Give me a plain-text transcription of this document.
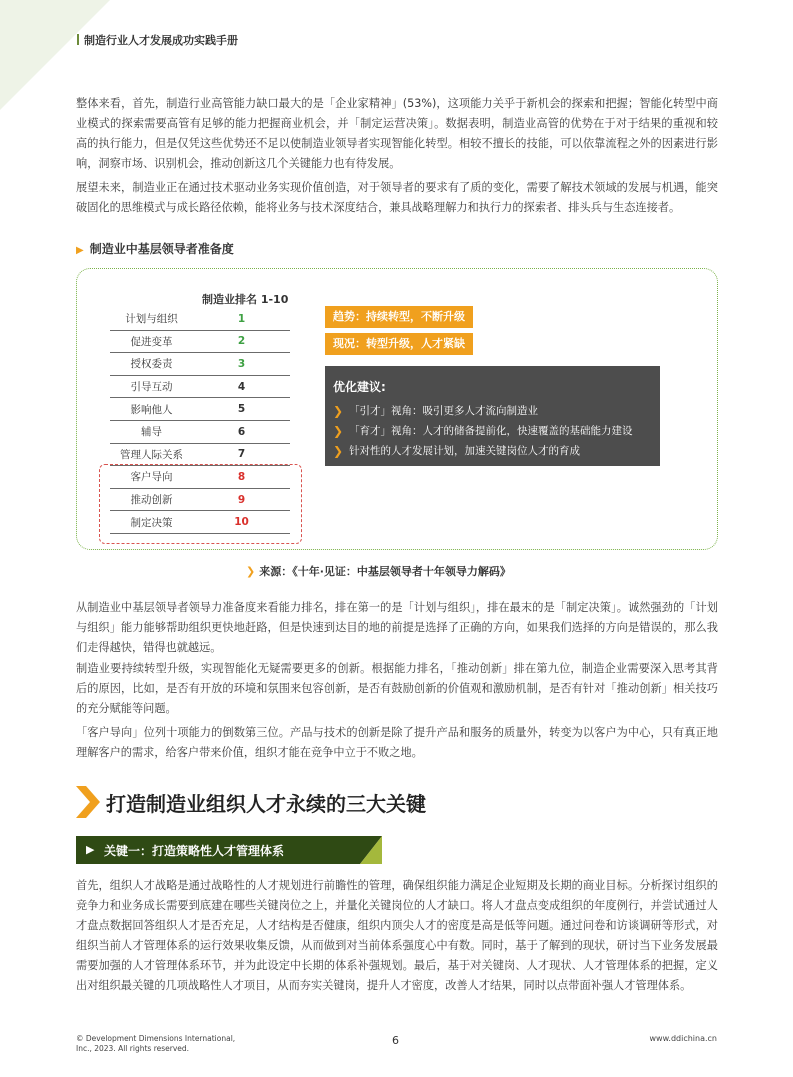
制造行业人才发展成功实践手册

整体来看，首先，制造行业高管能力缺口最大的是「企业家精神」(53%)，这项能力关乎于新机会的探索和把握；智能化转型中商业模式的探索需要高管有足够的能力把握商业机会，并「制定运营决策」。数据表明，制造业高管的优势在于对于结果的重视和较高的执行能力，但是仅凭这些优势还不足以使制造业领导者实现智能化转型。相较不擅长的技能，可以依靠流程之外的因素进行影响，洞察市场、识别机会，推动创新这几个关键能力也有待发展。

展望未来，制造业正在通过技术驱动业务实现价值创造，对于领导者的要求有了质的变化，需要了解技术领域的发展与机遇，能突破固化的思维模式与成长路径依赖，能将业务与技术深度结合，兼具战略理解力和执行力的探索者、排头兵与生态连接者。

▶ 制造业中基层领导者准备度
制造业排名 1-10
计划与组织	1
促进变革	2
授权委责	3
引导互动	4
影响他人	5
辅导	6
管理人际关系	7
客户导向	8
推动创新	9
制定决策	10
趋势：持续转型，不断升级
现况：转型升级，人才紧缺
优化建议:
❯ 「引才」视角：吸引更多人才流向制造业
❯ 「育才」视角：人才的储备提前化，快速覆盖的基础能力建设
❯ 针对性的人才发展计划，加速关键岗位人才的育成
❯ 来源：《十年·见证：中基层领导者十年领导力解码》

从制造业中基层领导者领导力准备度来看能力排名，排在第一的是「计划与组织」，排在最末的是「制定决策」。诚然强劲的「计划与组织」能力能够帮助组织更快地赶路，但是快速到达目的地的前提是选择了正确的方向，如果我们选择的方向是错误的，那么我们走得越快，错得也就越远。

制造业要持续转型升级，实现智能化无疑需要更多的创新。根据能力排名，「推动创新」排在第九位，制造企业需要深入思考其背后的原因，比如，是否有开放的环境和氛围来包容创新，是否有鼓励创新的价值观和激励机制，是否有针对「推动创新」相关技巧的充分赋能等问题。

「客户导向」位列十项能力的倒数第三位。产品与技术的创新是除了提升产品和服务的质量外，转变为以客户为中心，只有真正地理解客户的需求，给客户带来价值，组织才能在竞争中立于不败之地。

打造制造业组织人才永续的三大关键
▶ 关键一：打造策略性人才管理体系

首先，组织人才战略是通过战略性的人才规划进行前瞻性的管理，确保组织能力满足企业短期及长期的商业目标。分析探讨组织的竞争力和业务成长需要到底建在哪些关键岗位之上，并量化关键岗位的人才缺口。将人才盘点变成组织的年度例行，并尝试通过人才盘点数据回答组织人才是否充足，人才结构是否健康，组织内顶尖人才的密度是高是低等问题。通过问卷和访谈调研等形式，对组织当前人才管理体系的运行效果收集反馈，从而做到对当前体系强度心中有数。同时，基于了解到的现状，研讨当下业务发展最需要加强的人才管理体系环节，并为此设定中长期的体系补强规划。最后，基于对关键岗、人才现状、人才管理体系的把握，定义出对组织最关键的几项战略性人才项目，从而夯实关键岗，提升人才密度，改善人才结果，同时以点带面补强人才管理体系。

© Development Dimensions International,
Inc., 2023. All rights reserved.
6	www.ddichina.cn
